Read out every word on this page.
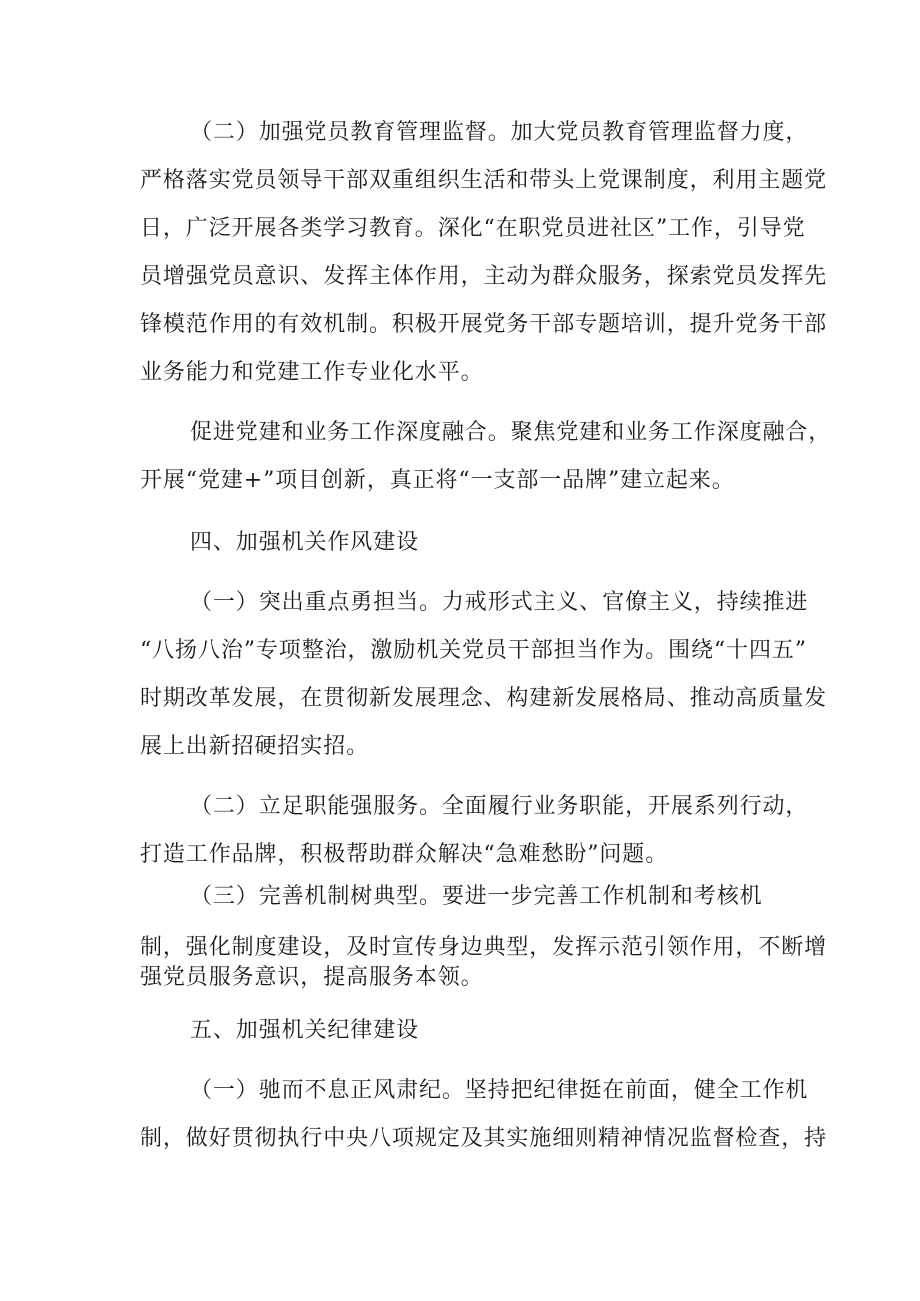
（二）加强党员教育管理监督。加大党员教育管理监督力度，
严格落实党员领导干部双重组织生活和带头上党课制度，利用主题党
日，广泛开展各类学习教育。深化“在职党员进社区”工作，引导党
员增强党员意识、发挥主体作用，主动为群众服务，探索党员发挥先
锋模范作用的有效机制。积极开展党务干部专题培训，提升党务干部
业务能力和党建工作专业化水平。
促进党建和业务工作深度融合。聚焦党建和业务工作深度融合，
开展“党建+”项目创新，真正将“一支部一品牌”建立起来。
四、加强机关作风建设
（一）突出重点勇担当。力戒形式主义、官僚主义，持续推进
“八扬八治”专项整治，激励机关党员干部担当作为。围绕“十四五”
时期改革发展，在贯彻新发展理念、构建新发展格局、推动高质量发
展上出新招硬招实招。
（二）立足职能强服务。全面履行业务职能，开展系列行动，
打造工作品牌，积极帮助群众解决“急难愁盼”问题。
（三）完善机制树典型。要进一步完善工作机制和考核机
制，强化制度建设，及时宣传身边典型，发挥示范引领作用，不断增
强党员服务意识，提高服务本领。
五、加强机关纪律建设
（一）驰而不息正风肃纪。坚持把纪律挺在前面，健全工作机
制，做好贯彻执行中央八项规定及其实施细则精神情况监督检查，持
